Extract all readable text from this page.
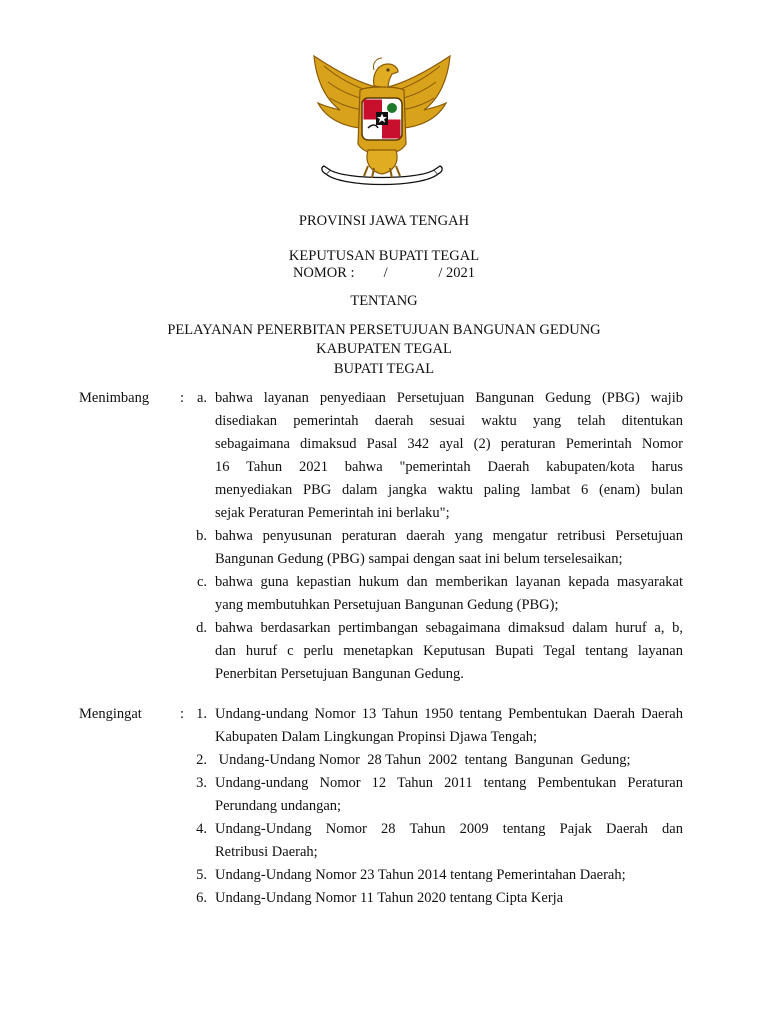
PROVINSI JAWA TENGAH
KEPUTUSAN BUPATI TEGAL
NOMOR :        /              / 2021
TENTANG
PELAYANAN PENERBITAN PERSETUJUAN BANGUNAN GEDUNG
KABUPATEN TEGAL
BUPATI TEGAL
Menimbang : a. bahwa layanan penyediaan Persetujuan Bangunan Gedung (PBG) wajib
disediakan pemerintah daerah sesuai waktu yang telah ditentukan
sebagaimana dimaksud Pasal 342 ayal (2) peraturan Pemerintah Nomor
16 Tahun 2021 bahwa "pemerintah Daerah kabupaten/kota harus
menyediakan PBG dalam jangka waktu paling lambat 6 (enam) bulan
sejak Peraturan Pemerintah ini berlaku";
b. bahwa penyusunan peraturan daerah yang mengatur retribusi Persetujuan
Bangunan Gedung (PBG) sampai dengan saat ini belum terselesaikan;
c. bahwa guna kepastian hukum dan memberikan layanan kepada masyarakat
yang membutuhkan Persetujuan Bangunan Gedung (PBG);
d. bahwa berdasarkan pertimbangan sebagaimana dimaksud dalam huruf a, b,
dan huruf c perlu menetapkan Keputusan Bupati Tegal tentang layanan
Penerbitan Persetujuan Bangunan Gedung.
Mengingat	: 1. Undang-undang Nomor 13 Tahun 1950 tentang Pembentukan Daerah Daerah
Kabupaten Dalam Lingkungan Propinsi Djawa Tengah;
2. Undang-Undang Nomor  28 Tahun  2002  tentang  Bangunan  Gedung;
3. Undang-undang Nomor 12 Tahun 2011 tentang Pembentukan Peraturan
Perundang undangan;
4. Undang-Undang Nomor 28 Tahun 2009 tentang Pajak Daerah dan
Retribusi Daerah;
5. Undang-Undang Nomor 23 Tahun 2014 tentang Pemerintahan Daerah;
6. Undang-Undang Nomor 11 Tahun 2020 tentang Cipta Kerja
